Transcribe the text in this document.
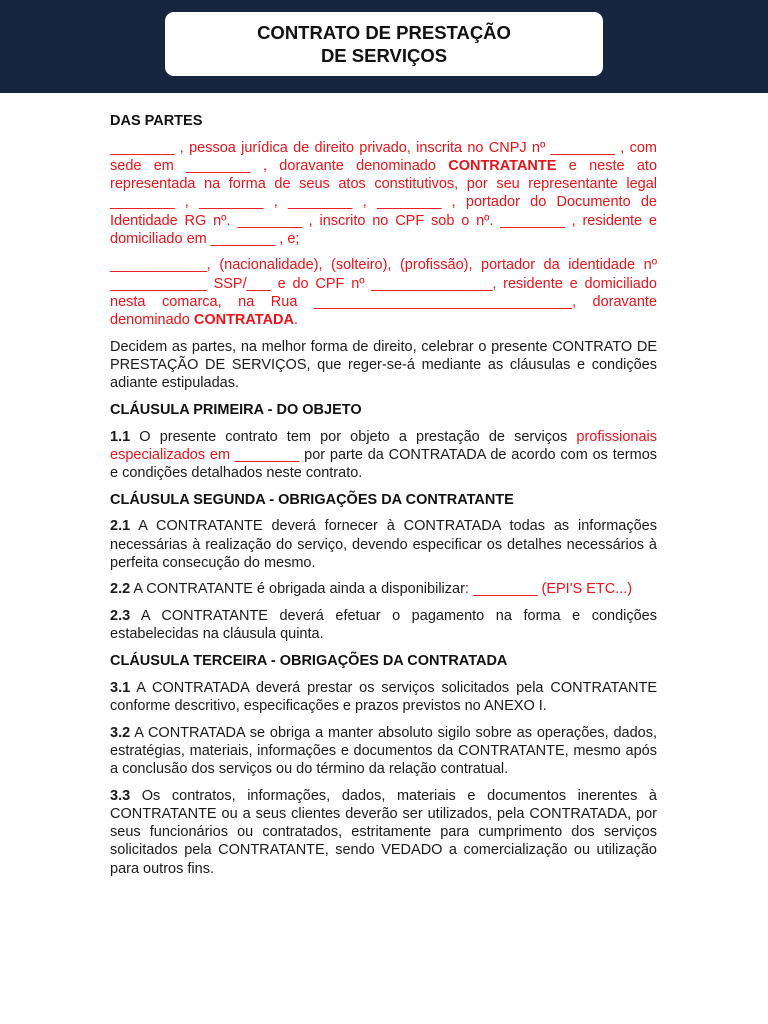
CONTRATO DE PRESTAÇÃO
DE SERVIÇOS
DAS PARTES

________ , pessoa jurídica de direito privado, inscrita no CNPJ nº ________ , com sede em ________ , doravante denominado CONTRATANTE e neste ato representada na forma de seus atos constitutivos, por seu representante legal ________ , ________ , ________ , ________ , portador do Documento de Identidade RG nº. ________ , inscrito no CPF sob o nº. ________ , residente e domiciliado em ________ , e;

____________, (nacionalidade), (solteiro), (profissão), portador da identidade nº ____________ SSP/___ e do CPF nº _______________, residente e domiciliado nesta comarca, na Rua ________________________________, doravante denominado CONTRATADA.

Decidem as partes, na melhor forma de direito, celebrar o presente CONTRATO DE PRESTAÇÃO DE SERVIÇOS, que reger-se-á mediante as cláusulas e condições adiante estipuladas.

CLÁUSULA PRIMEIRA - DO OBJETO

1.1 O presente contrato tem por objeto a prestação de serviços profissionais especializados em ________ por parte da CONTRATADA de acordo com os termos e condições detalhados neste contrato.

CLÁUSULA SEGUNDA - OBRIGAÇÕES DA CONTRATANTE

2.1 A CONTRATANTE deverá fornecer à CONTRATADA todas as informações necessárias à realização do serviço, devendo especificar os detalhes necessários à perfeita consecução do mesmo.

2.2 A CONTRATANTE é obrigada ainda a disponibilizar: ________ (EPI'S ETC...)

2.3 A CONTRATANTE deverá efetuar o pagamento na forma e condições estabelecidas na cláusula quinta.

CLÁUSULA TERCEIRA - OBRIGAÇÕES DA CONTRATADA

3.1 A CONTRATADA deverá prestar os serviços solicitados pela CONTRATANTE conforme descritivo, especificações e prazos previstos no ANEXO I.

3.2 A CONTRATADA se obriga a manter absoluto sigilo sobre as operações, dados, estratégias, materiais, informações e documentos da CONTRATANTE, mesmo após a conclusão dos serviços ou do término da relação contratual.

3.3 Os contratos, informações, dados, materiais e documentos inerentes à CONTRATANTE ou a seus clientes deverão ser utilizados, pela CONTRATADA, por seus funcionários ou contratados, estritamente para cumprimento dos serviços solicitados pela CONTRATANTE, sendo VEDADO a comercialização ou utilização para outros fins.
